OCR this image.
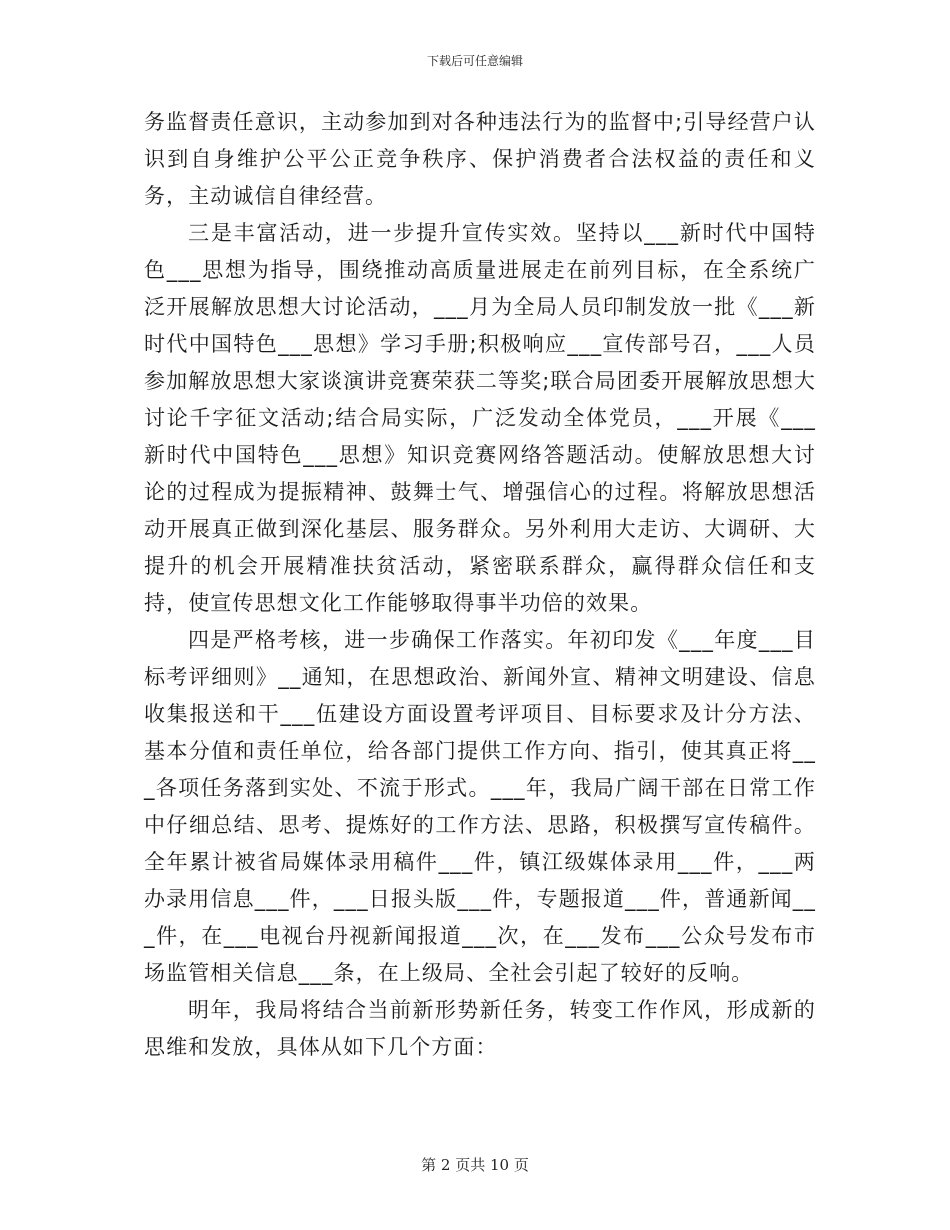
下载后可任意编辑

务监督责任意识，主动参加到对各种违法行为的监督中;引导经营户认识到自身维护公平公正竞争秩序、保护消费者合法权益的责任和义务，主动诚信自律经营。

三是丰富活动，进一步提升宣传实效。坚持以___新时代中国特色___思想为指导，围绕推动高质量进展走在前列目标，在全系统广泛开展解放思想大讨论活动，___月为全局人员印制发放一批《___新时代中国特色___思想》学习手册;积极响应___宣传部号召，___人员参加解放思想大家谈演讲竞赛荣获二等奖;联合局团委开展解放思想大讨论千字征文活动;结合局实际，广泛发动全体党员，___开展《___新时代中国特色___思想》知识竞赛网络答题活动。使解放思想大讨论的过程成为提振精神、鼓舞士气、增强信心的过程。将解放思想活动开展真正做到深化基层、服务群众。另外利用大走访、大调研、大提升的机会开展精准扶贫活动，紧密联系群众，赢得群众信任和支持，使宣传思想文化工作能够取得事半功倍的效果。

四是严格考核，进一步确保工作落实。年初印发《___年度___目标考评细则》__通知，在思想政治、新闻外宣、精神文明建设、信息收集报送和干___伍建设方面设置考评项目、目标要求及计分方法、基本分值和责任单位，给各部门提供工作方向、指引，使其真正将___各项任务落到实处、不流于形式。___年，我局广阔干部在日常工作中仔细总结、思考、提炼好的工作方法、思路，积极撰写宣传稿件。全年累计被省局媒体录用稿件___件，镇江级媒体录用___件，___两办录用信息___件，___日报头版___件，专题报道___件，普通新闻___件，在___电视台丹视新闻报道___次，在___发布___公众号发布市场监管相关信息___条，在上级局、全社会引起了较好的反响。

明年，我局将结合当前新形势新任务，转变工作作风，形成新的思维和发放，具体从如下几个方面：

第 2 页共 10 页
